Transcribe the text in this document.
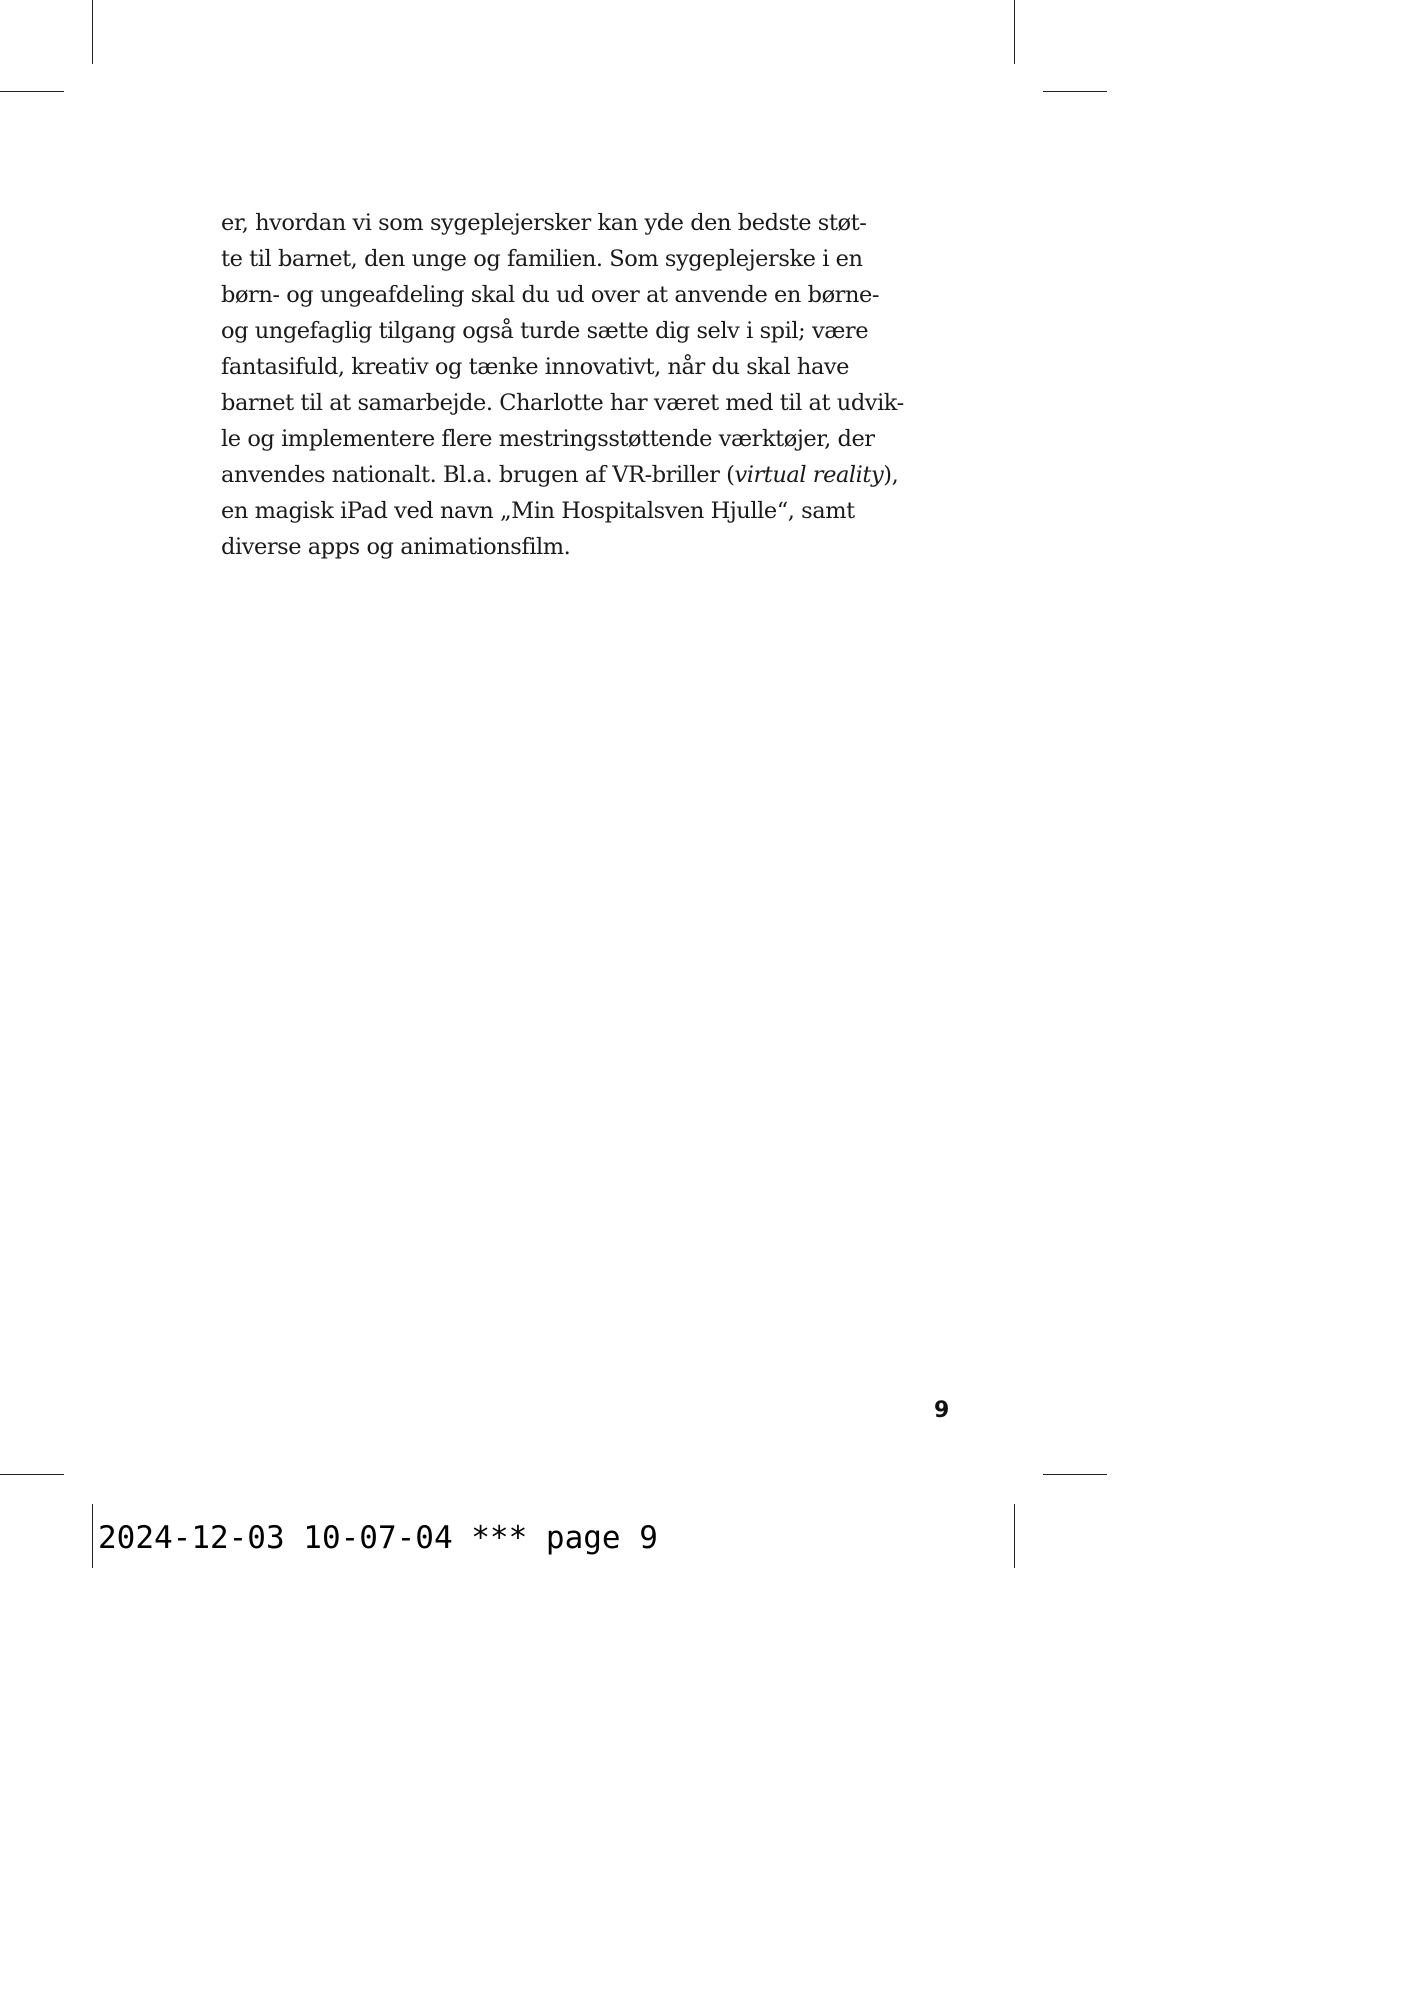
er, hvordan vi som sygeplejersker kan yde den bedste støt-
te til barnet, den unge og familien. Som sygeplejerske i en
børn- og ungeafdeling skal du ud over at anvende en børne-
og ungefaglig tilgang også turde sætte dig selv i spil; være
fantasifuld, kreativ og tænke innovativt, når du skal have
barnet til at samarbejde. Charlotte har været med til at udvik-
le og implementere flere mestringsstøttende værktøjer, der
anvendes nationalt. Bl.a. brugen af VR-briller (virtual reality),
en magisk iPad ved navn „Min Hospitalsven Hjulle“, samt
diverse apps og animationsfilm.
9
2024-12-03 10-07-04 *** page 9
